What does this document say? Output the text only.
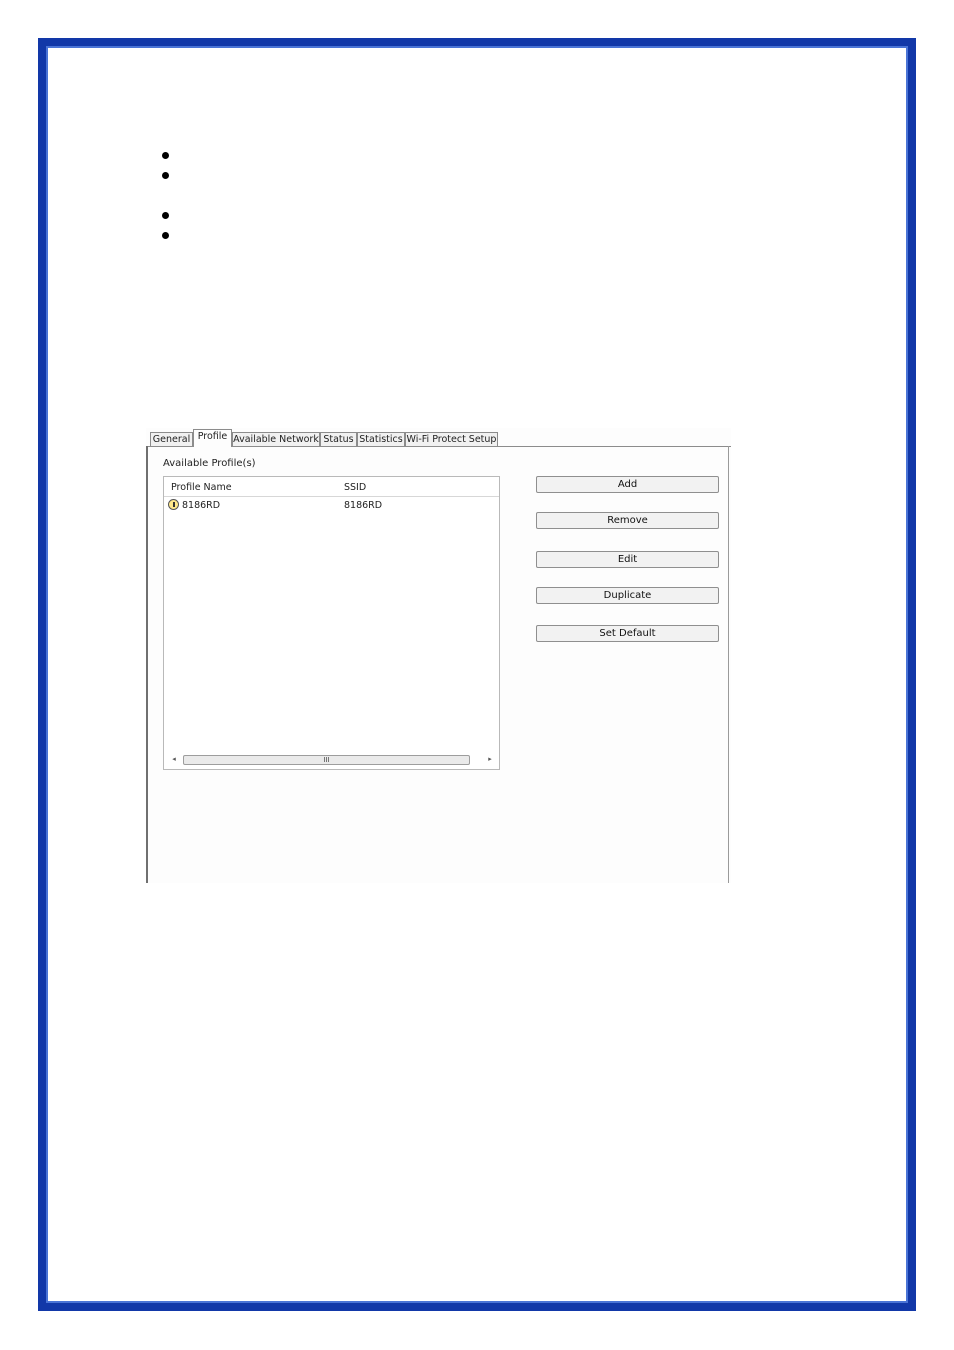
General Profile Available Network Status Statistics Wi-Fi Protect Setup
Available Profile(s)
Profile Name	SSID
8186RD	8186RD
◂	III	▸
Add
Remove
Edit
Duplicate
Set Default
